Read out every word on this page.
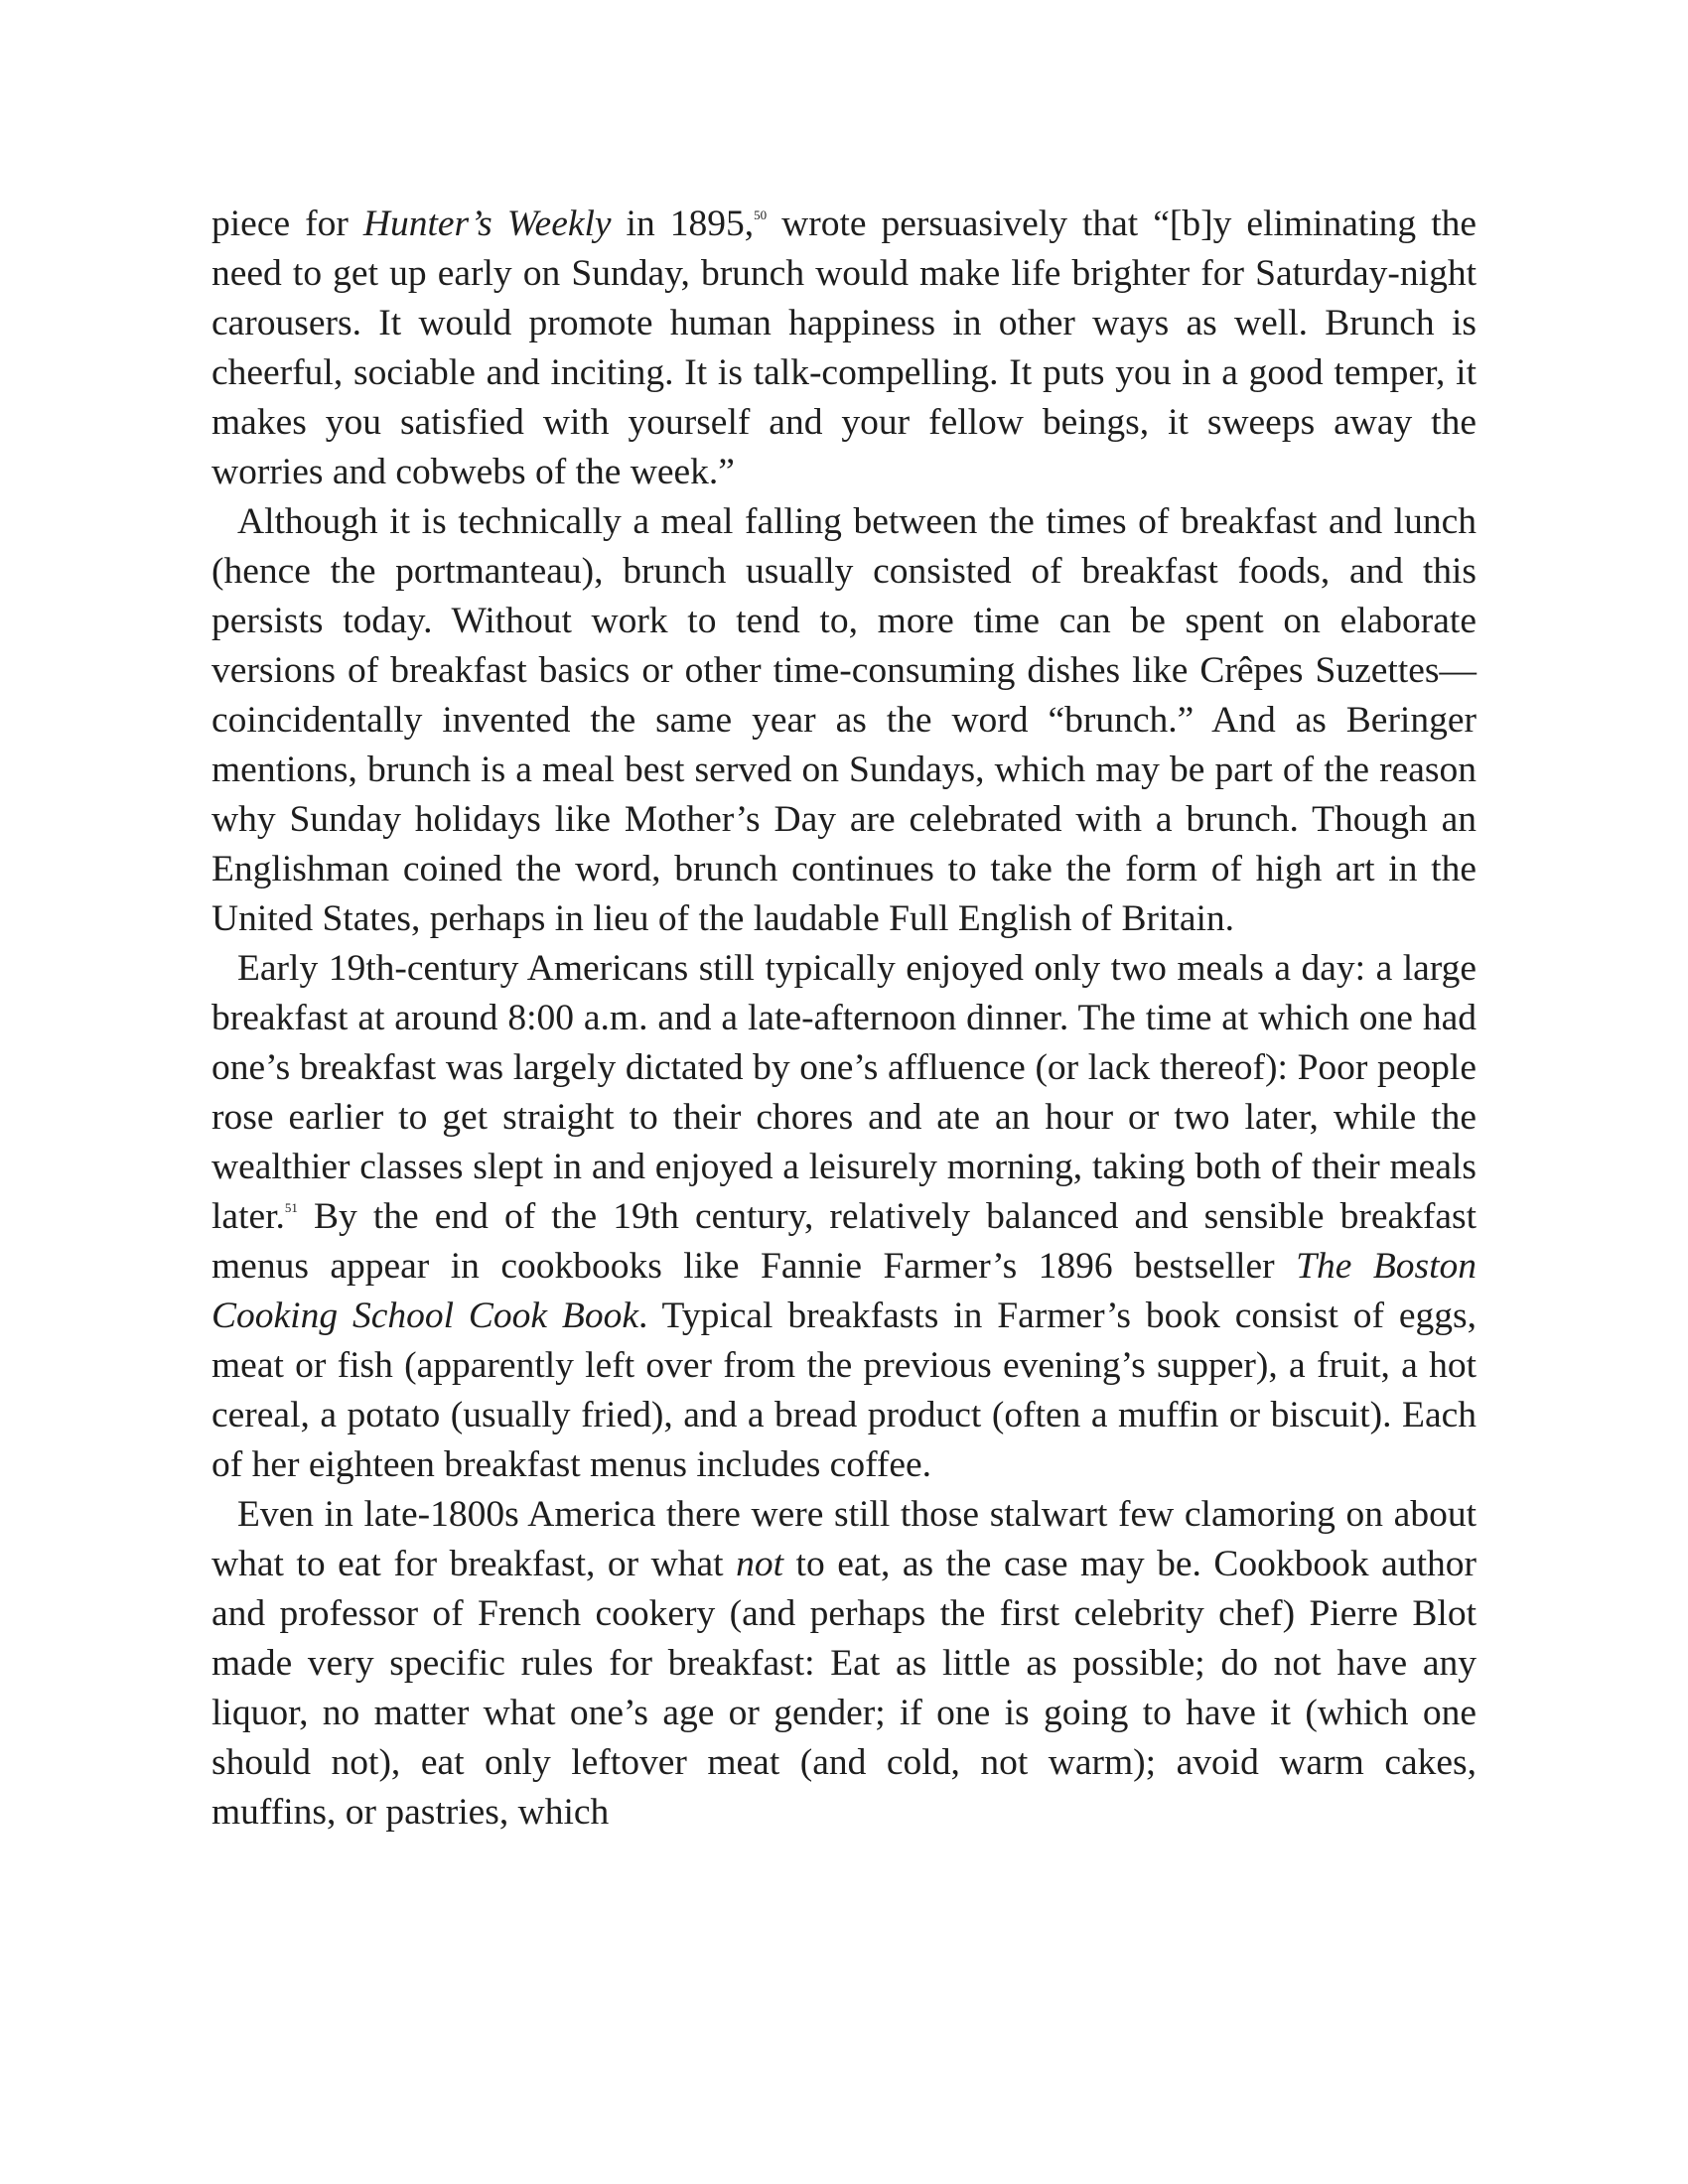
piece for Hunter’s Weekly in 1895,50 wrote persuasively that “[b]y eliminating the need to get up early on Sunday, brunch would make life brighter for Saturday-night carousers. It would promote human happiness in other ways as well. Brunch is cheerful, sociable and inciting. It is talk-compelling. It puts you in a good temper, it makes you satisfied with yourself and your fellow beings, it sweeps away the worries and cobwebs of the week.”

Although it is technically a meal falling between the times of breakfast and lunch (hence the portmanteau), brunch usually consisted of breakfast foods, and this persists today. Without work to tend to, more time can be spent on elaborate versions of breakfast basics or other time-consuming dishes like Crêpes Suzettes—coincidentally invented the same year as the word “brunch.” And as Beringer mentions, brunch is a meal best served on Sundays, which may be part of the reason why Sunday holidays like Mother’s Day are celebrated with a brunch. Though an Englishman coined the word, brunch continues to take the form of high art in the United States, perhaps in lieu of the laudable Full English of Britain.

Early 19th-century Americans still typically enjoyed only two meals a day: a large breakfast at around 8:00 a.m. and a late-afternoon dinner. The time at which one had one’s breakfast was largely dictated by one’s affluence (or lack thereof): Poor people rose earlier to get straight to their chores and ate an hour or two later, while the wealthier classes slept in and enjoyed a leisurely morning, taking both of their meals later.$^{51}$ By the end of the 19th century, relatively balanced and sensible breakfast menus appear in cookbooks like Fannie Farmer’s 1896 bestseller The Boston Cooking School Cook Book. Typical breakfasts in Farmer’s book consist of eggs, meat or fish (apparently left over from the previous evening’s supper), a fruit, a hot cereal, a potato (usually fried), and a bread product (often a muffin or biscuit). Each of her eighteen breakfast menus includes coffee.

Even in late-1800s America there were still those stalwart few clamoring on about what to eat for breakfast, or what not to eat, as the case may be. Cookbook author and professor of French cookery (and perhaps the first celebrity chef) Pierre Blot made very specific rules for breakfast: Eat as little as possible; do not have any liquor, no matter what one’s age or gender; if one is going to have it (which one should not), eat only leftover meat (and cold, not warm); avoid warm cakes, muffins, or pastries, which
